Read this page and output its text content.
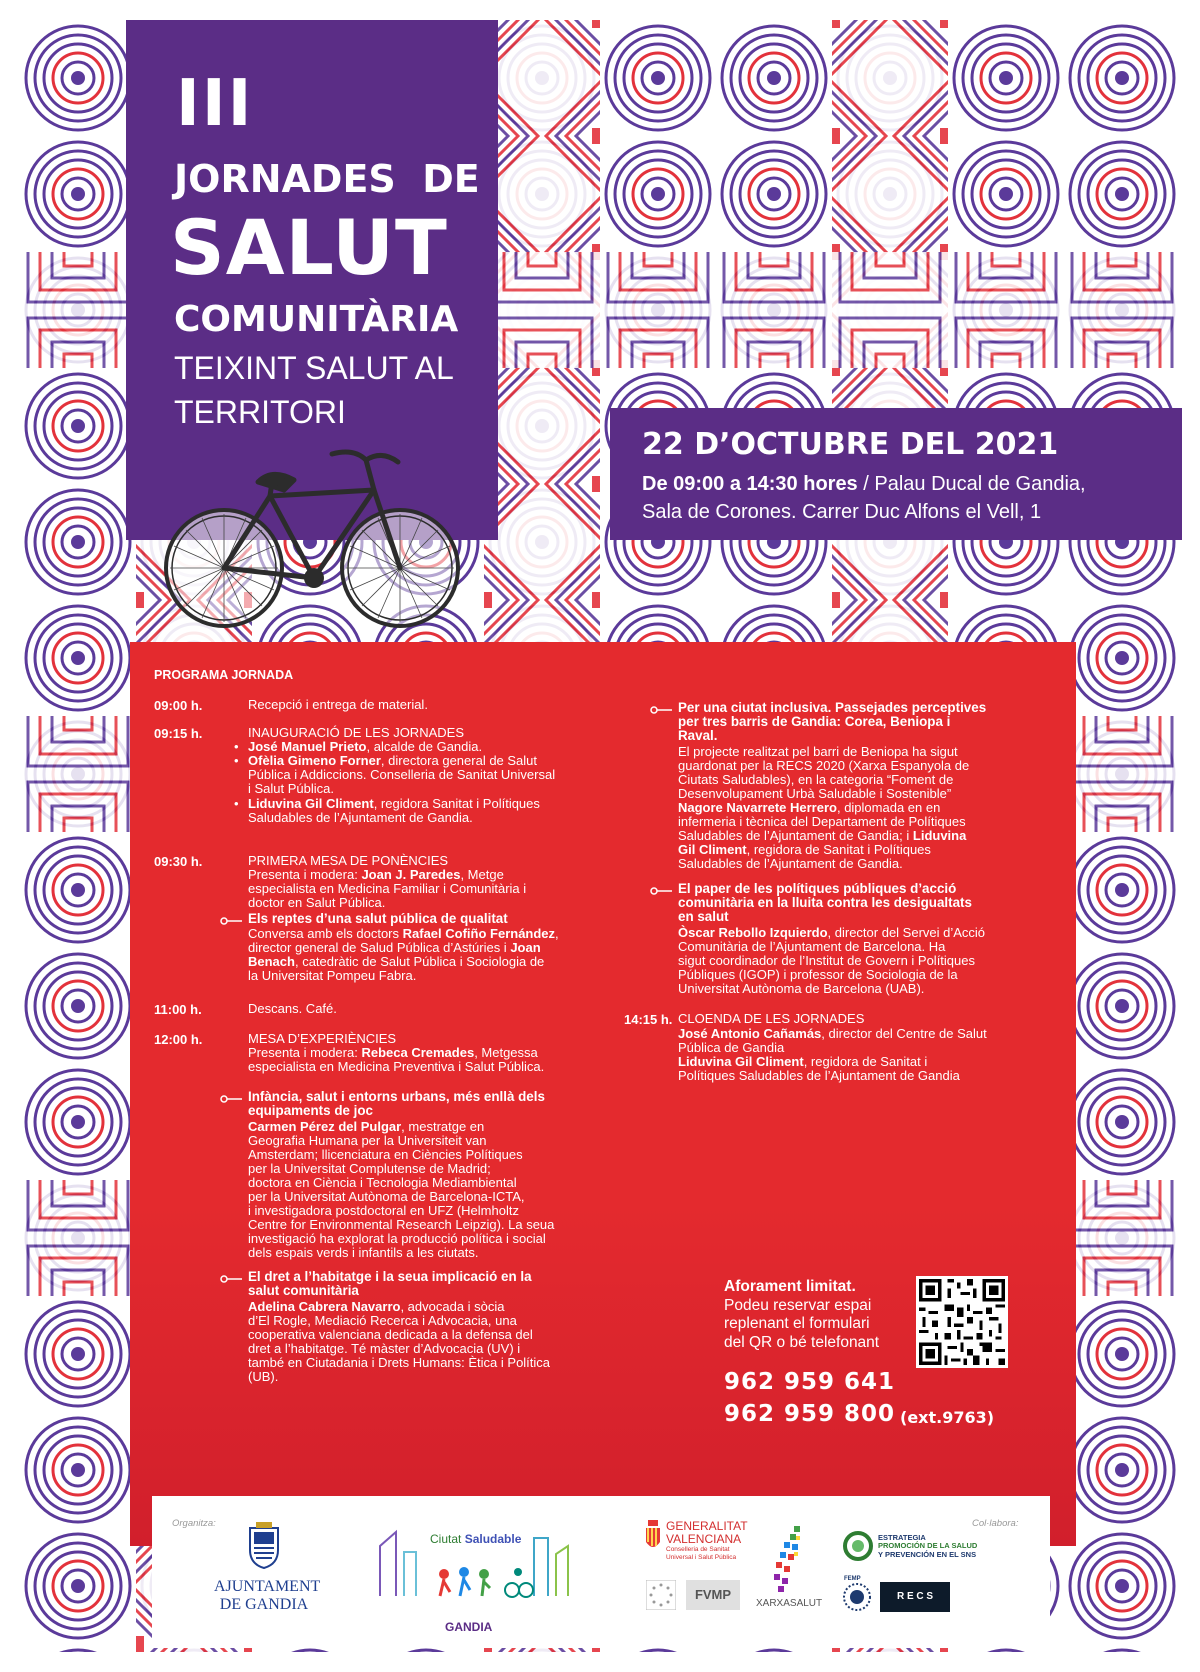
III
JORNADES  DE
SALUT
COMUNITÀRIA
TEIXINT SALUT AL
TERRITORI
22 D’OCTUBRE DEL 2021
De 09:00 a 14:30 hores / Palau Ducal de Gandia,
Sala de Corones. Carrer Duc Alfons el Vell, 1
PROGRAMA JORNADA
09:00 h.	Recepció i entrega de material.
09:15 h.	INAUGURACIÓ DE LES JORNADES
• José Manuel Prieto, alcalde de Gandia.
• Ofèlia Gimeno Forner, directora general de Salut
Pública i Addiccions. Conselleria de Sanitat Universal
i Salut Pública.
• Liduvina Gil Climent, regidora Sanitat i Polítiques
Saludables de l’Ajuntament de Gandia.
09:30 h.	PRIMERA MESA DE PONÈNCIES
Presenta i modera: Joan J. Paredes, Metge
especialista en Medicina Familiar i Comunitària i
doctor en Salut Pública.
Els reptes d’una salut pública de qualitat
Conversa amb els doctors Rafael Cofiño Fernández,
director general de Salud Pública d’Astúries i Joan
Benach, catedràtic de Salut Pública i Sociologia de
la Universitat Pompeu Fabra.
11:00 h.	Descans. Café.
12:00 h.	MESA D’EXPERIÈNCIES
Presenta i modera: Rebeca Cremades, Metgessa
especialista en Medicina Preventiva i Salut Pública.
Infància, salut i entorns urbans, més enllà dels
equipaments de joc
Carmen Pérez del Pulgar, mestratge en
Geografia Humana per la Universiteit van
Amsterdam; llicenciatura en Ciències Polítiques
per la Universitat Complutense de Madrid;
doctora en Ciència i Tecnologia Mediambiental
per la Universitat Autònoma de Barcelona-ICTA,
i investigadora postdoctoral en UFZ (Helmholtz
Centre for Environmental Research Leipzig). La seua
investigació ha explorat la producció política i social
dels espais verds i infantils a les ciutats.
El dret a l’habitatge i la seua implicació en la
salut comunitària
Adelina Cabrera Navarro, advocada i sòcia
d’El Rogle, Mediació Recerca i Advocacia, una
cooperativa valenciana dedicada a la defensa del
dret a l’habitatge. Té màster d’Advocacia (UV) i
també en Ciutadania i Drets Humans: Ètica i Política
(UB).
Per una ciutat inclusiva. Passejades perceptives
per tres barris de Gandia: Corea, Beniopa i
Raval.
El projecte realitzat pel barri de Beniopa ha sigut
guardonat per la RECS 2020 (Xarxa Espanyola de
Ciutats Saludables), en la categoria “Foment de
Desenvolupament Urbà Saludable i Sostenible”
Nagore Navarrete Herrero, diplomada en en
infermeria i tècnica del Departament de Polítiques
Saludables de l’Ajuntament de Gandia; i Liduvina
Gil Climent, regidora de Sanitat i Polítiques
Saludables de l’Ajuntament de Gandia.
El paper de les polítiques públiques d’acció
comunitària en la lluita contra les desigualtats
en salut
Òscar Rebollo Izquierdo, director del Servei d’Acció
Comunitària de l’Ajuntament de Barcelona. Ha
sigut coordinador de l’Institut de Govern i Polítiques
Públiques (IGOP) i professor de Sociologia de la
Universitat Autònoma de Barcelona (UAB).
14:15 h. CLOENDA DE LES JORNADES
José Antonio Cañamás, director del Centre de Salut
Pública de Gandia
Liduvina Gil Climent, regidora de Sanitat i
Polítiques Saludables de l’Ajuntament de Gandia
Aforament limitat.
Podeu reservar espai
replenant el formulari
del QR o bé telefonant
962 959 641
962 959 800 (ext.9763)
Organitza:	Col·labora:
AJUNTAMENT
DE GANDIA
Ciutat Saludable
GANDIA
GENERALITAT
VALENCIANA
Conselleria de Sanitat
Universal i Salut Pública
FVMP
XARXASALUT
ESTRATEGIA
PROMOCIÓN DE LA SALUD
Y PREVENCIÓN EN EL SNS
FEMP
R E C S
